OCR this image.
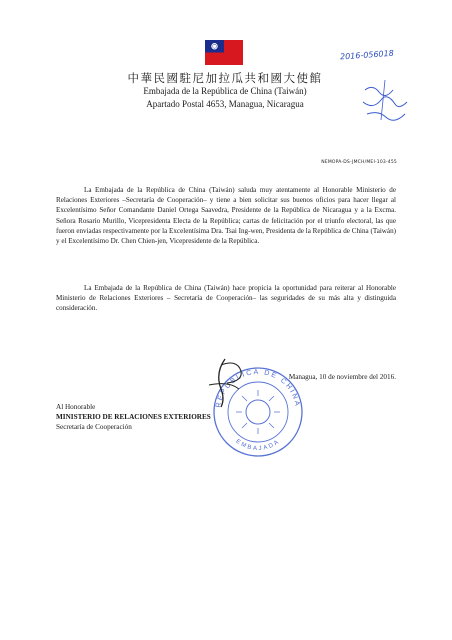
中華民國駐尼加拉瓜共和國大使館
Embajada de la República de China (Taiwán)
Apartado Postal 4653, Managua, Nicaragua
2016-056018
NEMOPA-DS-JMCH/MEI-103-455
La Embajada de la República de China (Taiwán) saluda muy atentamente al Honorable Ministerio de Relaciones Exteriores –Secretaría de Cooperación– y tiene a bien solicitar sus buenos oficios para hacer llegar al Excelentísimo Señor Comandante Daniel Ortega Saavedra, Presidente de la República de Nicaragua y a la Excma. Señora Rosario Murillo, Vicepresidenta Electa de la República; cartas de felicitación por el triunfo electoral, las que fueron enviadas respectivamente por la Excelentísima Dra. Tsai Ing-wen, Presidenta de la República de China (Taiwán) y el Excelentísimo Dr. Chen Chien-jen, Vicepresidente de la República.
La Embajada de la República de China (Taiwán) hace propicia la oportunidad para reiterar al Honorable Ministerio de Relaciones Exteriores – Secretaría de Cooperación– las seguridades de su más alta y distinguida consideración.
REPÚBLICA DE CHINA
EMBAJADA
Managua, 10 de noviembre del 2016.
Al Honorable
MINISTERIO DE RELACIONES EXTERIORES
Secretaría de Cooperación
